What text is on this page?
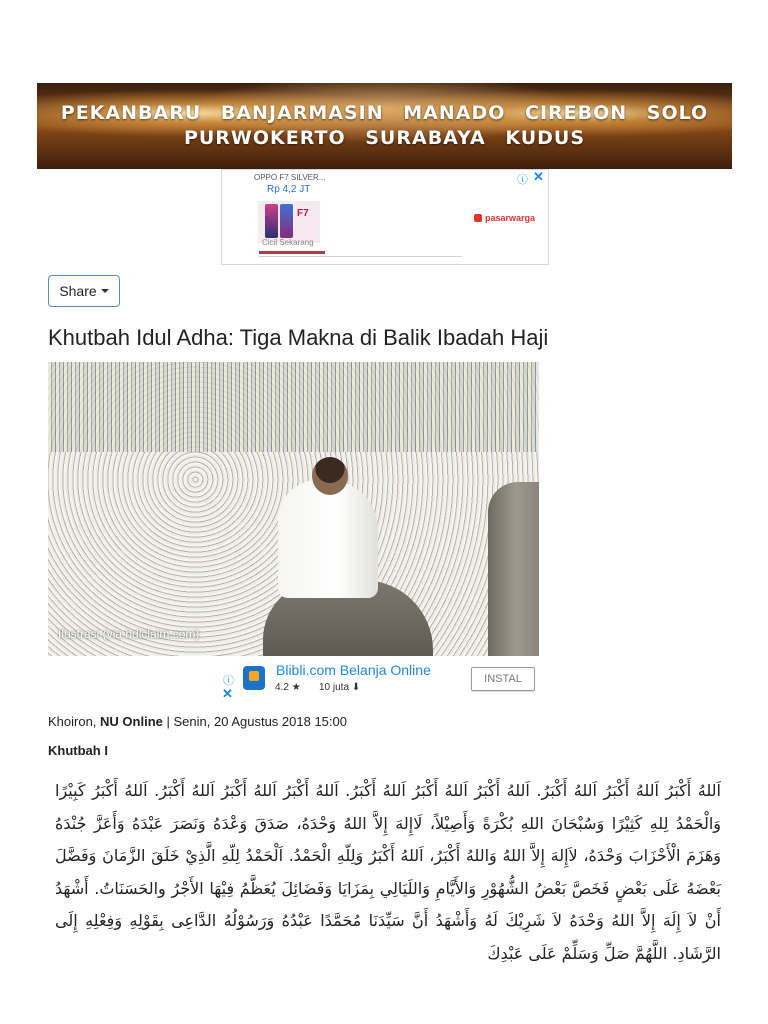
PEKANBARU BANJARMASIN MANADO CIREBON SOLO
PURWOKERTO SURABAYA KUDUS
OPPO F7 SILVER...
Rp 4,2 JT
F7
Cicil Sekarang
pasarwarga
ⓘ ✕
Share
Khutbah Idul Adha: Tiga Makna di Balik Ibadah Haji
Ilustrasi (via hdiclaim.com)
ⓘ
✕
Blibli.com Belanja Online
4.2 ★ 10 juta ⬇
INSTAL
Khoiron, NU Online | Senin, 20 Agustus 2018 15:00
Khutbah I
اَللهُ أَكْبَرُ اَللهُ أَكْبَرُ اَللهُ أَكْبَرُ. اَللهُ أَكْبَرُ اَللهُ أَكْبَرُ اَللهُ أَكْبَرُ. اَللهُ أَكْبَرُ اَللهُ أَكْبَرُ اَللهُ أَكْبَرُ. اَللهُ أَكْبَرُ كَبِيْرًا وَالْحَمْدُ لِلهِ كَثِيْرًا وَسُبْحَانَ اللهِ بُكْرَةً وَأَصِيْلاً، لَاإِلهَ إِلاَّ اللهُ وَحْدَهُ، صَدَقَ وَعْدَهُ وَنَصَرَ عَبْدَهُ وَأَعَزَّ جُنْدَهُ وَهَزَمَ الْأَحْزَابَ وَحْدَهُ، لاَإِلهَ إِلاَّ اللهُ وَاللهُ أَكْبَرُ، اَللهُ أَكْبَرُ وَلِلّهِ الْحَمْدُ. اَلْحَمْدُ لِلّهِ الَّذِيْ خَلَقَ الزَّمَانَ وَفَضَّلَ بَعْضَهُ عَلَى بَعْضٍ فَخَصَّ بَعْضُ الشُّهُوْرِ وَالأَيَّامِ وَاللَيَالِي بِمَزَايَا وَفَضَائِلَ يُعَظَّمُ فِيْهَا الأَجْرُ والحَسَنَاتُ. أَشْهَدُ أَنْ لاَ إِلَهَ إِلاَّ اللهُ وَحْدَهُ لاَ شَرِيْكَ لَهُ وَأَشْهَدُ أَنَّ سَيِّدَنَا مُحَمَّدًا عَبْدُهُ وَرَسُوْلُهُ الدَّاعِى بِقَوْلِهِ وَفِعْلِهِ إِلَى الرَّشَادِ. اللَّهُمَّ صَلِّ وَسَلِّمْ عَلَى عَبْدِكَ
